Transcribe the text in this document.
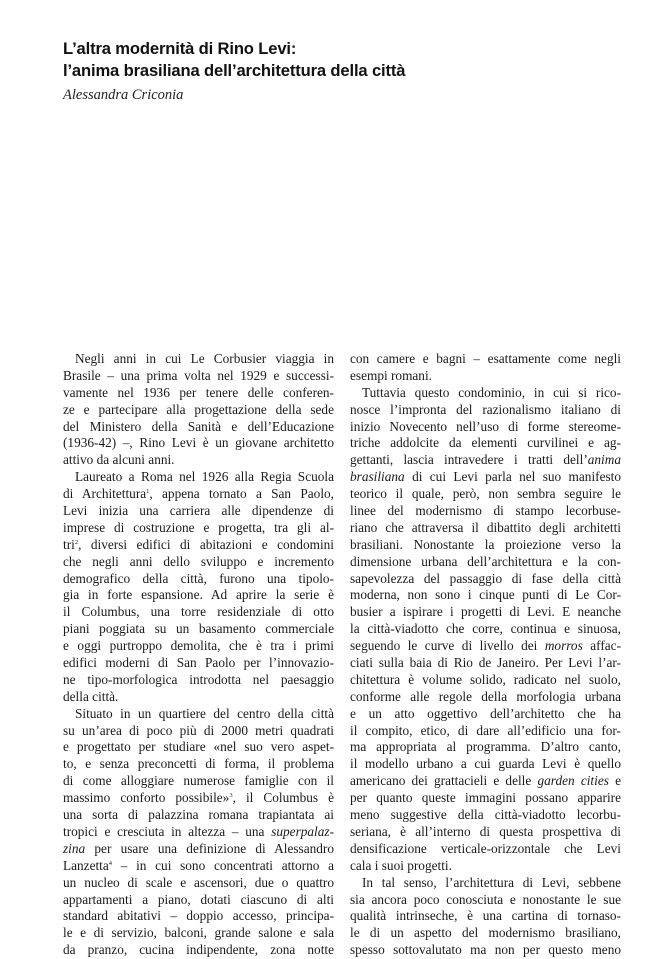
L’altra modernità di Rino Levi:
l’anima brasiliana dell’architettura della città
Alessandra Criconia
Negli anni in cui Le Corbusier viaggia in
Brasile – una prima volta nel 1929 e successi-
vamente nel 1936 per tenere delle conferen-
ze e partecipare alla progettazione della sede
del Ministero della Sanità e dell’Educazione
(1936-42) –, Rino Levi è un giovane architetto
attivo da alcuni anni.
Laureato a Roma nel 1926 alla Regia Scuola
di Architettura$^1$, appena tornato a San Paolo,
Levi inizia una carriera alle dipendenze di
imprese di costruzione e progetta, tra gli al-
tri$^2$, diversi edifici di abitazioni e condomini
che negli anni dello sviluppo e incremento
demografico della città, furono una tipolo-
gia in forte espansione. Ad aprire la serie è
il Columbus, una torre residenziale di otto
piani poggiata su un basamento commerciale
e oggi purtroppo demolita, che è tra i primi
edifici moderni di San Paolo per l’innovazio-
ne tipo-morfologica introdotta nel paesaggio
della città.
Situato in un quartiere del centro della città
su un’area di poco più di 2000 metri quadrati
e progettato per studiare «nel suo vero aspet-
to, e senza preconcetti di forma, il problema
di come alloggiare numerose famiglie con il
massimo conforto possibile»$^3$, il Columbus è
una sorta di palazzina romana trapiantata ai
tropici e cresciuta in altezza – una superpalaz-
zina per usare una definizione di Alessandro
Lanzetta$^4$ – in cui sono concentrati attorno a
un nucleo di scale e ascensori, due o quattro
appartamenti a piano, dotati ciascuno di alti
standard abitativi – doppio accesso, principa-
le e di servizio, balconi, grande salone e sala
da pranzo, cucina indipendente, zona notte
con camere e bagni – esattamente come negli
esempi romani.
Tuttavia questo condominio, in cui si rico-
nosce l’impronta del razionalismo italiano di
inizio Novecento nell’uso di forme stereome-
triche addolcite da elementi curvilinei e ag-
gettanti, lascia intravedere i tratti dell’anima
brasiliana di cui Levi parla nel suo manifesto
teorico il quale, però, non sembra seguire le
linee del modernismo di stampo lecorbuse-
riano che attraversa il dibattito degli architetti
brasiliani. Nonostante la proiezione verso la
dimensione urbana dell’architettura e la con-
sapevolezza del passaggio di fase della città
moderna, non sono i cinque punti di Le Cor-
busier a ispirare i progetti di Levi. E neanche
la città-viadotto che corre, continua e sinuosa,
seguendo le curve di livello dei morros affac-
ciati sulla baia di Rio de Janeiro. Per Levi l’ar-
chitettura è volume solido, radicato nel suolo,
conforme alle regole della morfologia urbana
e un atto oggettivo dell’architetto che ha
il compito, etico, di dare all’edificio una for-
ma appropriata al programma. D’altro canto,
il modello urbano a cui guarda Levi è quello
americano dei grattacieli e delle garden cities e
per quanto queste immagini possano apparire
meno suggestive della città-viadotto lecorbu-
seriana, è all’interno di questa prospettiva di
densificazione verticale-orizzontale che Levi
cala i suoi progetti.
In tal senso, l’architettura di Levi, sebbene
sia ancora poco conosciuta e nonostante le sue
qualità intrinseche, è una cartina di tornaso-
le di un aspetto del modernismo brasiliano,
spesso sottovalutato ma non per questo meno
